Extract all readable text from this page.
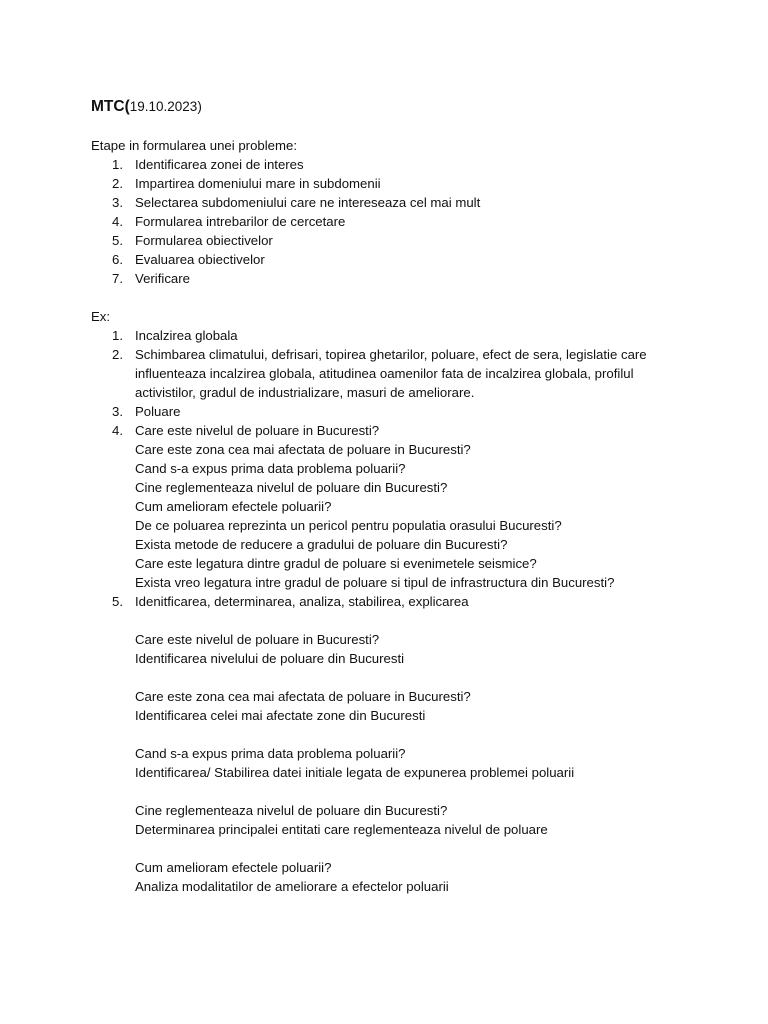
MTC(19.10.2023)
Etape in formularea unei probleme:
1. Identificarea zonei de interes
2. Impartirea domeniului mare in subdomenii
3. Selectarea subdomeniului care ne intereseaza cel mai mult
4. Formularea intrebarilor de cercetare
5. Formularea obiectivelor
6. Evaluarea obiectivelor
7. Verificare
Ex:
1. Incalzirea globala
2. Schimbarea climatului, defrisari, topirea ghetarilor, poluare, efect de sera, legislatie care
influenteaza incalzirea globala, atitudinea oamenilor fata de incalzirea globala, profilul
activistilor, gradul de industrializare, masuri de ameliorare.
3. Poluare
4. Care este nivelul de poluare in Bucuresti?
Care este zona cea mai afectata de poluare in Bucuresti?
Cand s-a expus prima data problema poluarii?
Cine reglementeaza nivelul de poluare din Bucuresti?
Cum amelioram efectele poluarii?
De ce poluarea reprezinta un pericol pentru populatia orasului Bucuresti?
Exista metode de reducere a gradului de poluare din Bucuresti?
Care este legatura dintre gradul de poluare si evenimetele seismice?
Exista vreo legatura intre gradul de poluare si tipul de infrastructura din Bucuresti?
5. Idenitficarea, determinarea, analiza, stabilirea, explicarea
Care este nivelul de poluare in Bucuresti?
Identificarea nivelului de poluare din Bucuresti
Care este zona cea mai afectata de poluare in Bucuresti?
Identificarea celei mai afectate zone din Bucuresti
Cand s-a expus prima data problema poluarii?
Identificarea/ Stabilirea datei initiale legata de expunerea problemei poluarii
Cine reglementeaza nivelul de poluare din Bucuresti?
Determinarea principalei entitati care reglementeaza nivelul de poluare
Cum amelioram efectele poluarii?
Analiza modalitatilor de ameliorare a efectelor poluarii
